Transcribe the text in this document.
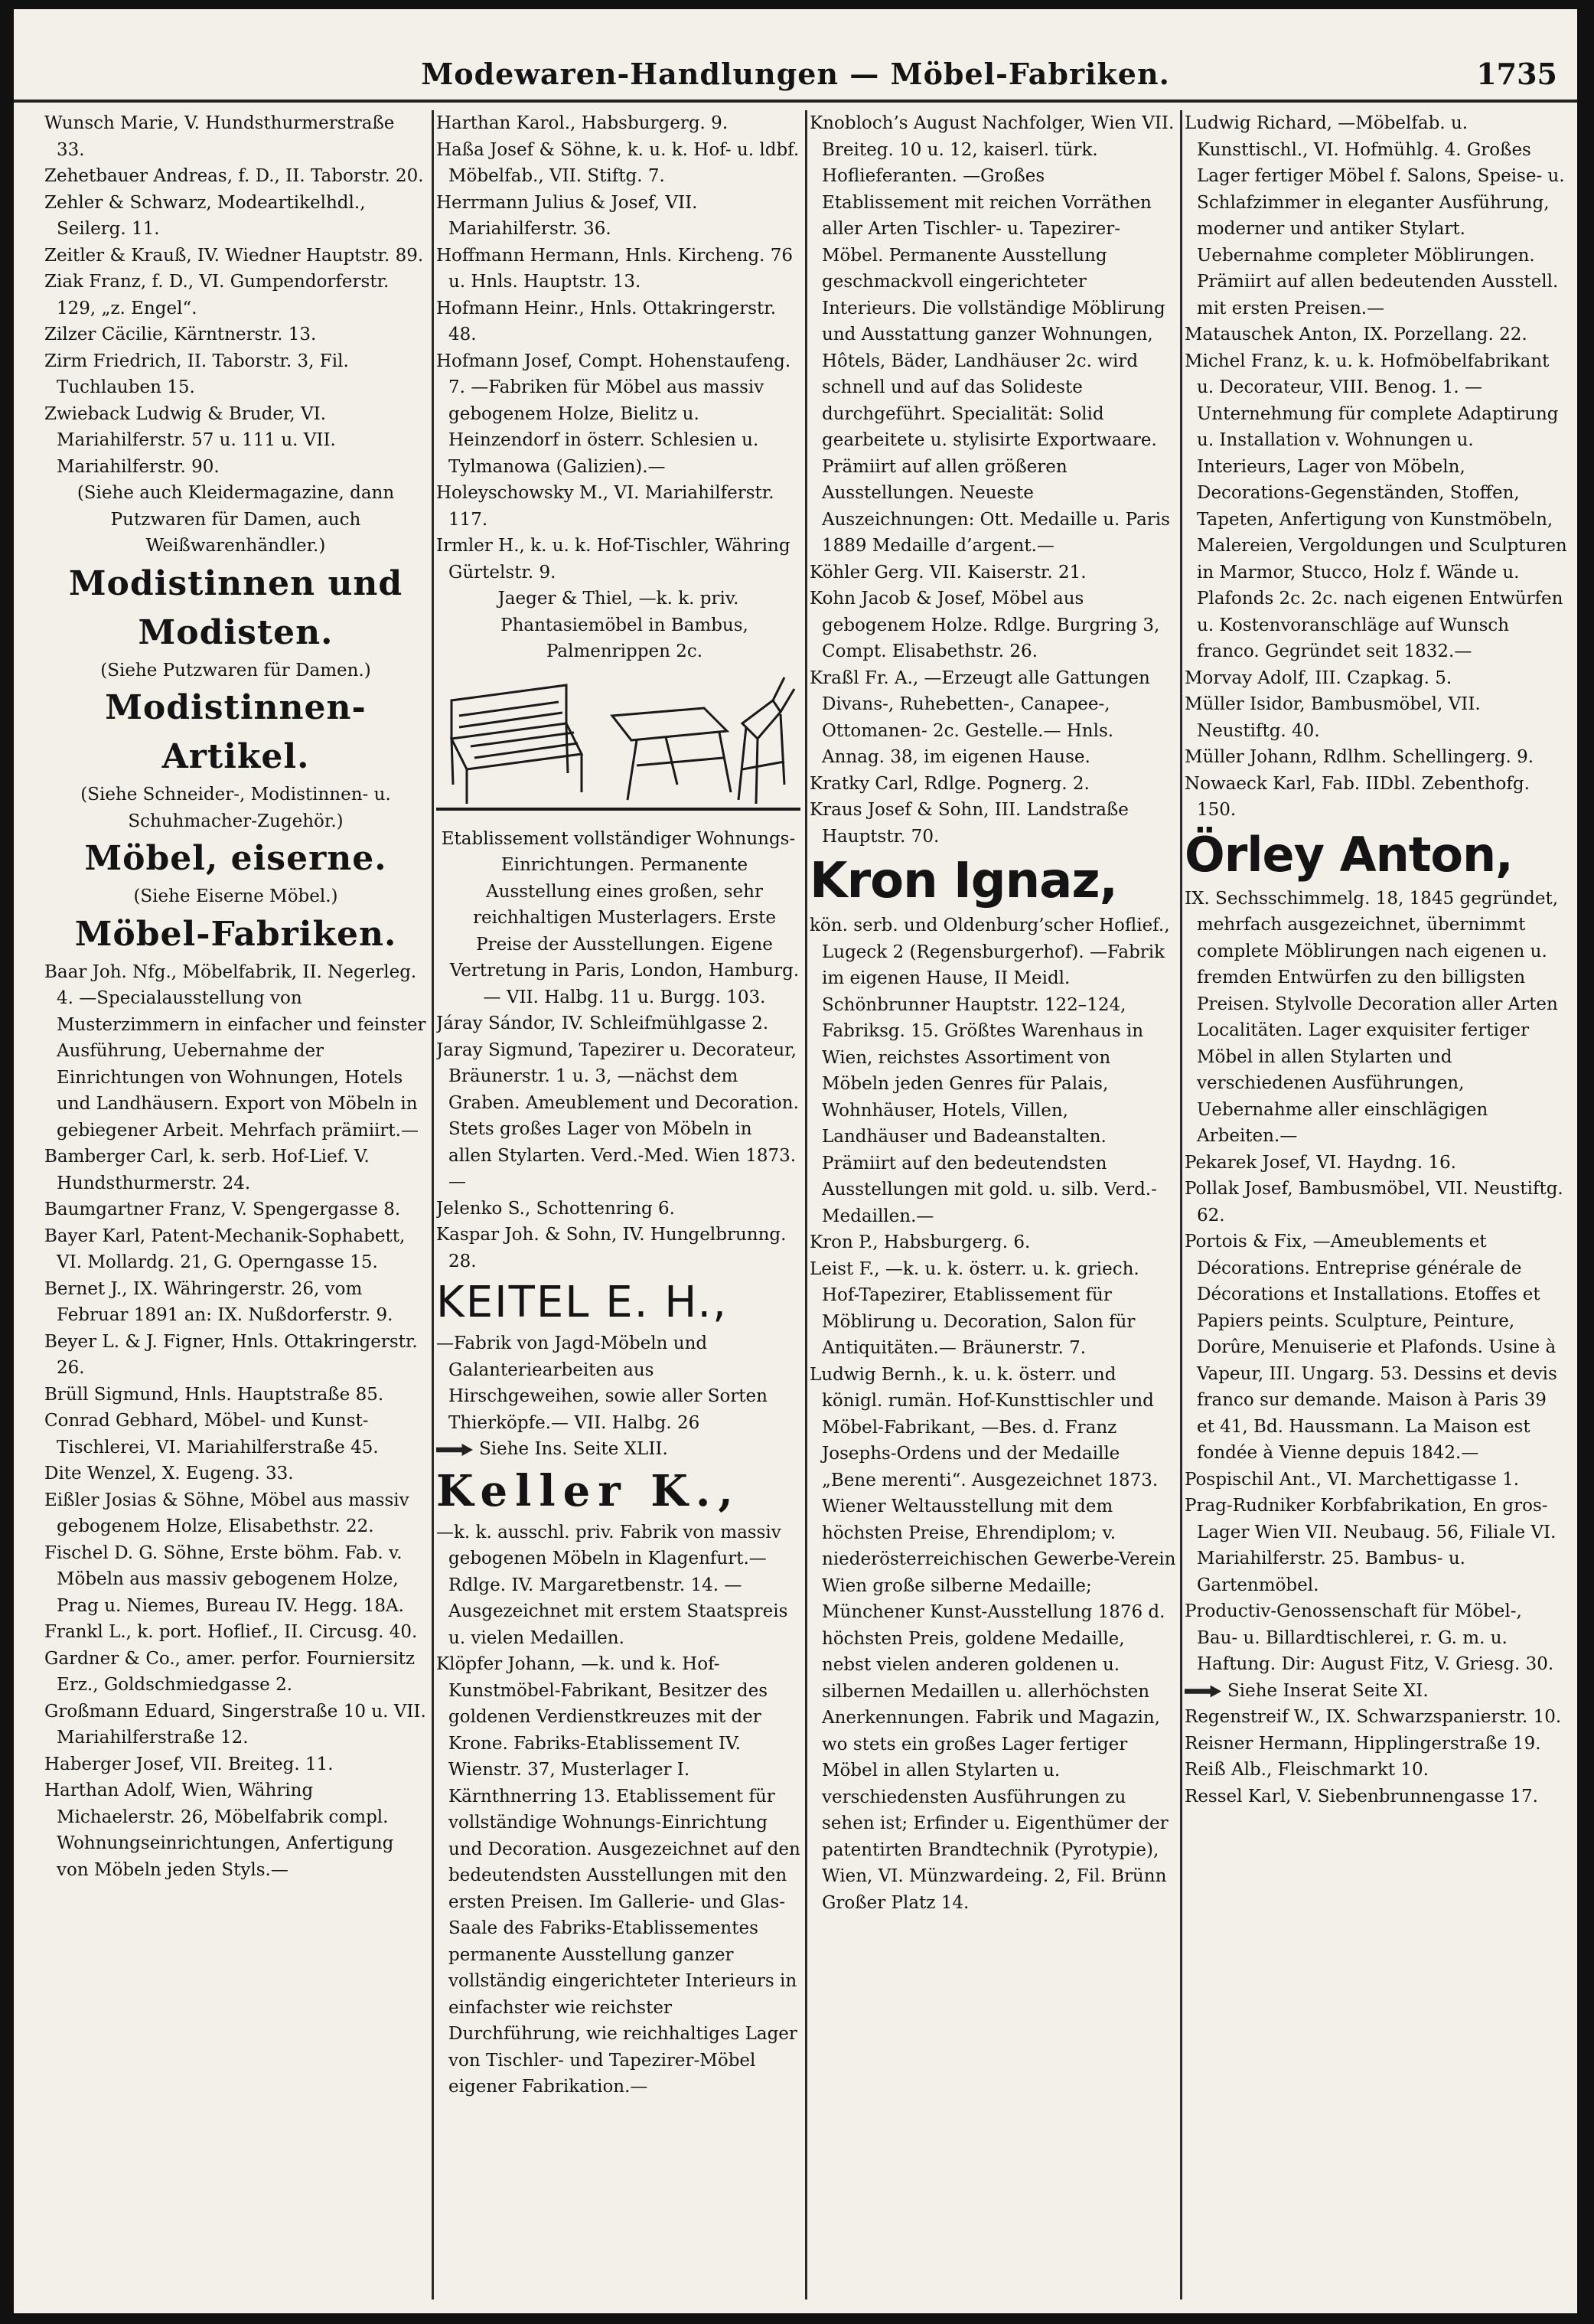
Modewaren-Handlungen — Möbel-Fabriken.	1735

Wunsch Marie, V. Hundsthurmerstraße 33.

Zehetbauer Andreas, f. D., II. Taborstr. 20.

Zehler & Schwarz, Modeartikelhdl., Seilerg. 11.

Zeitler & Krauß, IV. Wiedner Hauptstr. 89.

Ziak Franz, f. D., VI. Gumpendorferstr. 129, „z. Engel“.

Zilzer Cäcilie, Kärntnerstr. 13.

Zirm Friedrich, II. Taborstr. 3, Fil. Tuchlauben 15.

Zwieback Ludwig & Bruder, VI. Mariahilferstr. 57 u. 111 u. VII. Mariahilferstr. 90.

(Siehe auch Kleidermagazine, dann Putzwaren für Damen, auch Weißwarenhändler.)

Modistinnen und Modisten.

(Siehe Putzwaren für Damen.)

Modistinnen-Artikel.

(Siehe Schneider-, Modistinnen- u. Schuhmacher-Zugehör.)

Möbel, eiserne.

(Siehe Eiserne Möbel.)

Möbel-Fabriken.

Baar Joh. Nfg., Möbelfabrik, II. Negerleg. 4. —Specialausstellung von Musterzimmern in einfacher und feinster Ausführung, Uebernahme der Einrichtungen von Wohnungen, Hotels und Landhäusern. Export von Möbeln in gebiegener Arbeit. Mehrfach prämiirt.—

Bamberger Carl, k. serb. Hof-Lief. V. Hundsthurmerstr. 24.

Baumgartner Franz, V. Spengergasse 8.

Bayer Karl, Patent-Mechanik-Sophabett, VI. Mollardg. 21, G. Operngasse 15.

Bernet J., IX. Währingerstr. 26, vom Februar 1891 an: IX. Nußdorferstr. 9.

Beyer L. & J. Figner, Hnls. Ottakringerstr. 26.

Brüll Sigmund, Hnls. Hauptstraße 85.

Conrad Gebhard, Möbel- und Kunst-Tischlerei, VI. Mariahilferstraße 45.

Dite Wenzel, X. Eugeng. 33.

Eißler Josias & Söhne, Möbel aus massiv gebogenem Holze, Elisabethstr. 22.

Fischel D. G. Söhne, Erste böhm. Fab. v. Möbeln aus massiv gebogenem Holze, Prag u. Niemes, Bureau IV. Hegg. 18A.

Frankl L., k. port. Hoflief., II. Circusg. 40.

Gardner & Co., amer. perfor. Fourniersitz Erz., Goldschmiedgasse 2.

Großmann Eduard, Singerstraße 10 u. VII. Mariahilferstraße 12.

Haberger Josef, VII. Breiteg. 11.

Harthan Adolf, Wien, Währing Michaelerstr. 26, Möbelfabrik compl. Wohnungseinrichtungen, Anfertigung von Möbeln jeden Styls.—

Harthan Karol., Habsburgerg. 9.

Haßa Josef & Söhne, k. u. k. Hof- u. ldbf. Möbelfab., VII. Stiftg. 7.

Herrmann Julius & Josef, VII. Mariahilferstr. 36.

Hoffmann Hermann, Hnls. Kircheng. 76 u. Hnls. Hauptstr. 13.

Hofmann Heinr., Hnls. Ottakringerstr. 48.

Hofmann Josef, Compt. Hohenstaufeng. 7. —Fabriken für Möbel aus massiv gebogenem Holze, Bielitz u. Heinzendorf in österr. Schlesien u. Tylmanowa (Galizien).—

Holeyschowsky M., VI. Mariahilferstr. 117.

Irmler H., k. u. k. Hof-Tischler, Währing Gürtelstr. 9.

Jaeger & Thiel, —k. k. priv. Phantasiemöbel in Bambus, Palmenrippen 2c.

Etablissement vollständiger Wohnungs-Einrichtungen. Permanente Ausstellung eines großen, sehr reichhaltigen Musterlagers. Erste Preise der Ausstellungen. Eigene Vertretung in Paris, London, Hamburg.— VII. Halbg. 11 u. Burgg. 103.

Járay Sándor, IV. Schleifmühlgasse 2.

Jaray Sigmund, Tapezirer u. Decorateur, Bräunerstr. 1 u. 3, —nächst dem Graben. Ameublement und Decoration. Stets großes Lager von Möbeln in allen Stylarten. Verd.-Med. Wien 1873.—

Jelenko S., Schottenring 6.

Kaspar Joh. & Sohn, IV. Hungelbrunng. 28.

KEITEL E. H.,

—Fabrik von Jagd-Möbeln und Galanteriearbeiten aus Hirschgeweihen, sowie aller Sorten Thierköpfe.— VII. Halbg. 26

Siehe Ins. Seite XLII.

Keller K.,

—k. k. ausschl. priv. Fabrik von massiv gebogenen Möbeln in Klagenfurt.— Rdlge. IV. Margaretbenstr. 14. —Ausgezeichnet mit erstem Staatspreis u. vielen Medaillen.

Klöpfer Johann, —k. und k. Hof-Kunstmöbel-Fabrikant, Besitzer des goldenen Verdienstkreuzes mit der Krone. Fabriks-Etablissement IV. Wienstr. 37, Musterlager I. Kärnthnerring 13. Etablissement für vollständige Wohnungs-Einrichtung und Decoration. Ausgezeichnet auf den bedeutendsten Ausstellungen mit den ersten Preisen. Im Gallerie- und Glas-Saale des Fabriks-Etablissementes permanente Ausstellung ganzer vollständig eingerichteter Interieurs in einfachster wie reichster Durchführung, wie reichhaltiges Lager von Tischler- und Tapezirer-Möbel eigener Fabrikation.—

Knobloch’s August Nachfolger, Wien VII. Breiteg. 10 u. 12, kaiserl. türk. Hoflieferanten. —Großes Etablissement mit reichen Vorräthen aller Arten Tischler- u. Tapezirer-Möbel. Permanente Ausstellung geschmackvoll eingerichteter Interieurs. Die vollständige Möblirung und Ausstattung ganzer Wohnungen, Hôtels, Bäder, Landhäuser 2c. wird schnell und auf das Solideste durchgeführt. Specialität: Solid gearbeitete u. stylisirte Exportwaare. Prämiirt auf allen größeren Ausstellungen. Neueste Auszeichnungen: Ott. Medaille u. Paris 1889 Medaille d’argent.—

Köhler Gerg. VII. Kaiserstr. 21.

Kohn Jacob & Josef, Möbel aus gebogenem Holze. Rdlge. Burgring 3, Compt. Elisabethstr. 26.

Kraßl Fr. A., —Erzeugt alle Gattungen Divans-, Ruhebetten-, Canapee-, Ottomanen- 2c. Gestelle.— Hnls. Annag. 38, im eigenen Hause.

Kratky Carl, Rdlge. Pognerg. 2.

Kraus Josef & Sohn, III. Landstraße Hauptstr. 70.

Kron Ignaz,

kön. serb. und Oldenburg’scher Hoflief., Lugeck 2 (Regensburgerhof). —Fabrik im eigenen Hause, II Meidl. Schönbrunner Hauptstr. 122–124, Fabriksg. 15. Größtes Warenhaus in Wien, reichstes Assortiment von Möbeln jeden Genres für Palais, Wohnhäuser, Hotels, Villen, Landhäuser und Badeanstalten. Prämiirt auf den bedeutendsten Ausstellungen mit gold. u. silb. Verd.-Medaillen.—

Kron P., Habsburgerg. 6.

Leist F., —k. u. k. österr. u. k. griech. Hof-Tapezirer, Etablissement für Möblirung u. Decoration, Salon für Antiquitäten.— Bräunerstr. 7.

Ludwig Bernh., k. u. k. österr. und königl. rumän. Hof-Kunsttischler und Möbel-Fabrikant, —Bes. d. Franz Josephs-Ordens und der Medaille „Bene merenti“. Ausgezeichnet 1873. Wiener Weltausstellung mit dem höchsten Preise, Ehrendiplom; v. niederösterreichischen Gewerbe-Verein Wien große silberne Medaille; Münchener Kunst-Ausstellung 1876 d. höchsten Preis, goldene Medaille, nebst vielen anderen goldenen u. silbernen Medaillen u. allerhöchsten Anerkennungen. Fabrik und Magazin, wo stets ein großes Lager fertiger Möbel in allen Stylarten u. verschiedensten Ausführungen zu sehen ist; Erfinder u. Eigenthümer der patentirten Brandtechnik (Pyrotypie), Wien, VI. Münzwardeing. 2, Fil. Brünn Großer Platz 14.

Ludwig Richard, —Möbelfab. u. Kunsttischl., VI. Hofmühlg. 4. Großes Lager fertiger Möbel f. Salons, Speise- u. Schlafzimmer in eleganter Ausführung, moderner und antiker Stylart. Uebernahme completer Möblirungen. Prämiirt auf allen bedeutenden Ausstell. mit ersten Preisen.—

Matauschek Anton, IX. Porzellang. 22.

Michel Franz, k. u. k. Hofmöbelfabrikant u. Decorateur, VIII. Benog. 1. —Unternehmung für complete Adaptirung u. Installation v. Wohnungen u. Interieurs, Lager von Möbeln, Decorations-Gegenständen, Stoffen, Tapeten, Anfertigung von Kunstmöbeln, Malereien, Vergoldungen und Sculpturen in Marmor, Stucco, Holz f. Wände u. Plafonds 2c. 2c. nach eigenen Entwürfen u. Kostenvoranschläge auf Wunsch franco. Gegründet seit 1832.—

Morvay Adolf, III. Czapkag. 5.

Müller Isidor, Bambusmöbel, VII. Neustiftg. 40.

Müller Johann, Rdlhm. Schellingerg. 9.

Nowaeck Karl, Fab. IIDbl. Zebenthofg. 150.

Örley Anton,

IX. Sechsschimmelg. 18, 1845 gegründet, mehrfach ausgezeichnet, übernimmt complete Möblirungen nach eigenen u. fremden Entwürfen zu den billigsten Preisen. Stylvolle Decoration aller Arten Localitäten. Lager exquisiter fertiger Möbel in allen Stylarten und verschiedenen Ausführungen, Uebernahme aller einschlägigen Arbeiten.—

Pekarek Josef, VI. Haydng. 16.

Pollak Josef, Bambusmöbel, VII. Neustiftg. 62.

Portois & Fix, —Ameublements et Décorations. Entreprise générale de Décorations et Installations. Etoffes et Papiers peints. Sculpture, Peinture, Dorûre, Menuiserie et Plafonds. Usine à Vapeur, III. Ungarg. 53. Dessins et devis franco sur demande. Maison à Paris 39 et 41, Bd. Haussmann. La Maison est fondée à Vienne depuis 1842.—

Pospischil Ant., VI. Marchettigasse 1.

Prag-Rudniker Korbfabrikation, En gros-Lager Wien VII. Neubaug. 56, Filiale VI. Mariahilferstr. 25. Bambus- u. Gartenmöbel.

Productiv-Genossenschaft für Möbel-, Bau- u. Billardtischlerei, r. G. m. u. Haftung. Dir: August Fitz, V. Griesg. 30.

Siehe Inserat Seite XI.

Regenstreif W., IX. Schwarzspanierstr. 10.

Reisner Hermann, Hipplingerstraße 19.

Reiß Alb., Fleischmarkt 10.

Ressel Karl, V. Siebenbrunnengasse 17.
